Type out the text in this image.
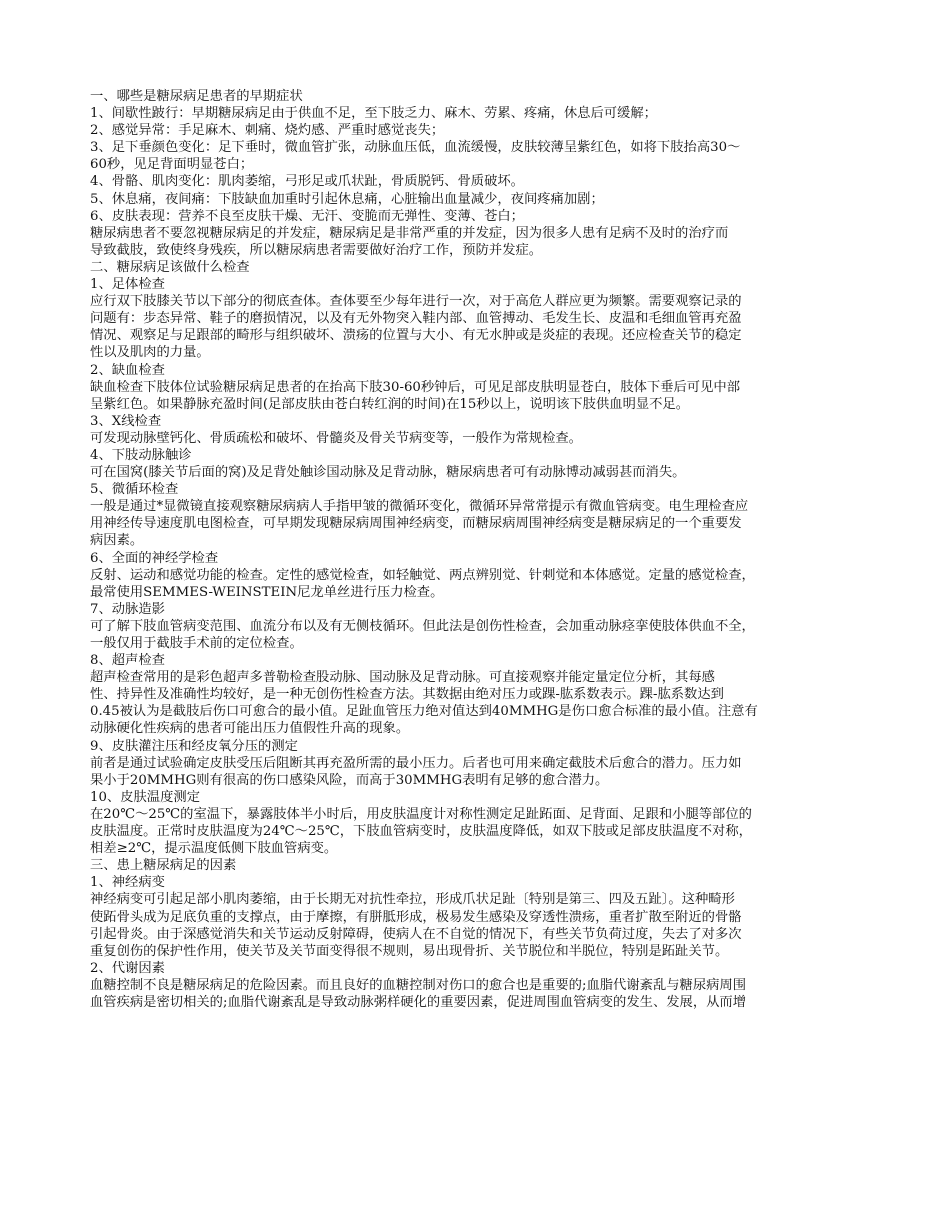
一、哪些是糖尿病足患者的早期症状
1、间歇性跛行：早期糖尿病足由于供血不足，至下肢乏力、麻木、劳累、疼痛，休息后可缓解；
2、感觉异常：手足麻木、刺痛、烧灼感、严重时感觉丧失；
3、足下垂颜色变化：足下垂时，微血管扩张，动脉血压低，血流缓慢，皮肤较薄呈紫红色，如将下肢抬高30～
60秒，见足背面明显苍白；
4、骨骼、肌肉变化：肌肉萎缩，弓形足或爪状趾，骨质脱钙、骨质破坏。
5、休息痛，夜间痛：下肢缺血加重时引起休息痛，心脏输出血量减少，夜间疼痛加剧；
6、皮肤表现：营养不良至皮肤干燥、无汗、变脆而无弹性、变薄、苍白；
糖尿病患者不要忽视糖尿病足的并发症，糖尿病足是非常严重的并发症，因为很多人患有足病不及时的治疗而
导致截肢，致使终身残疾，所以糖尿病患者需要做好治疗工作，预防并发症。
二、糖尿病足该做什么检查
1、足体检查
应行双下肢膝关节以下部分的彻底查体。查体要至少每年进行一次，对于高危人群应更为频繁。需要观察记录的
问题有：步态异常、鞋子的磨损情况，以及有无外物突入鞋内部、血管搏动、毛发生长、皮温和毛细血管再充盈
情况、观察足与足跟部的畸形与组织破坏、溃疡的位置与大小、有无水肿或是炎症的表现。还应检查关节的稳定
性以及肌肉的力量。
2、缺血检查
缺血检查下肢体位试验糖尿病足患者的在抬高下肢30-60秒钟后，可见足部皮肤明显苍白，肢体下垂后可见中部
呈紫红色。如果静脉充盈时间(足部皮肤由苍白转红润的时间)在15秒以上，说明该下肢供血明显不足。
3、X线检查
可发现动脉壁钙化、骨质疏松和破坏、骨髓炎及骨关节病变等，一般作为常规检查。
4、下肢动脉触诊
可在国窝(膝关节后面的窝)及足背处触诊国动脉及足背动脉，糖尿病患者可有动脉博动减弱甚而消失。
5、微循环检查
一般是通过*显微镜直接观察糖尿病病人手指甲皱的微循环变化，微循环异常常提示有微血管病变。电生理检查应
用神经传导速度肌电图检查，可早期发现糖尿病周围神经病变，而糖尿病周围神经病变是糖尿病足的一个重要发
病因素。
6、全面的神经学检查
反射、运动和感觉功能的检查。定性的感觉检查，如轻触觉、两点辨别觉、针刺觉和本体感觉。定量的感觉检查，
最常使用SEMMES-WEINSTEIN尼龙单丝进行压力检查。
7、动脉造影
可了解下肢血管病变范围、血流分布以及有无侧枝循环。但此法是创伤性检查，会加重动脉痉挛使肢体供血不全，
一般仅用于截肢手术前的定位检查。
8、超声检查
超声检查常用的是彩色超声多普勒检查股动脉、国动脉及足背动脉。可直接观察并能定量定位分析，其每感
性、持异性及准确性均较好，是一种无创伤性检查方法。其数据由绝对压力或踝-肱系数表示。踝-肱系数达到
0.45被认为是截肢后伤口可愈合的最小值。足趾血管压力绝对值达到40MMHG是伤口愈合标准的最小值。注意有
动脉硬化性疾病的患者可能出压力值假性升高的现象。
9、皮肤灌注压和经皮氧分压的测定
前者是通过试验确定皮肤受压后阻断其再充盈所需的最小压力。后者也可用来确定截肢术后愈合的潜力。压力如
果小于20MMHG则有很高的伤口感染风险，而高于30MMHG表明有足够的愈合潜力。
10、皮肤温度测定
在20℃～25℃的室温下，暴露肢体半小时后，用皮肤温度计对称性测定足趾跖面、足背面、足跟和小腿等部位的
皮肤温度。正常时皮肤温度为24℃～25℃，下肢血管病变时，皮肤温度降低，如双下肢或足部皮肤温度不对称，
相差≥2℃，提示温度低侧下肢血管病变。
三、患上糖尿病足的因素
1、神经病变
神经病变可引起足部小肌肉萎缩，由于长期无对抗性牵拉，形成爪状足趾〔特别是第三、四及五趾〕。这种畸形
使跖骨头成为足底负重的支撑点，由于摩擦，有胼胝形成，极易发生感染及穿透性溃疡，重者扩散至附近的骨骼
引起骨炎。由于深感觉消失和关节运动反射障碍，使病人在不自觉的情况下，有些关节负荷过度，失去了对多次
重复创伤的保护性作用，使关节及关节面变得很不规则，易出现骨折、关节脱位和半脱位，特别是跖趾关节。
2、代谢因素
血糖控制不良是糖尿病足的危险因素。而且良好的血糖控制对伤口的愈合也是重要的;血脂代谢紊乱与糖尿病周围
血管疾病是密切相关的;血脂代谢紊乱是导致动脉粥样硬化的重要因素，促进周围血管病变的发生、发展，从而增
